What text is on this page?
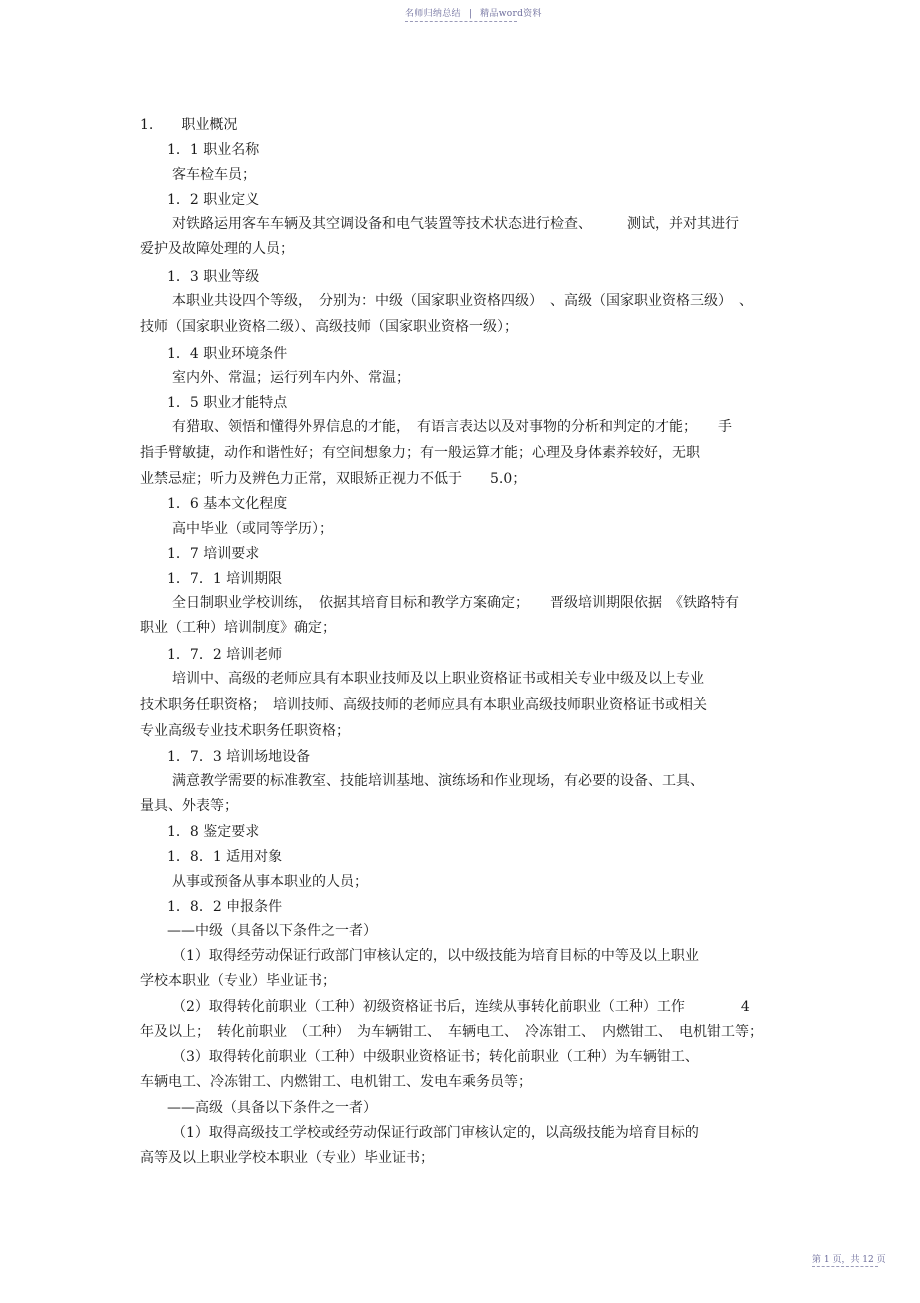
名师归纳总结 | 精品word资料
1.　　职业概况
1．1 职业名称
客车检车员；
1．2 职业定义
对铁路运用客车车辆及其空调设备和电气装置等技术状态进行检查、　　　测试，并对其进行
爱护及故障处理的人员；
1．3 职业等级
本职业共设四个等级，　分别为：中级（国家职业资格四级）　、高级（国家职业资格三级）　、
技师（国家职业资格二级）、高级技师（国家职业资格一级）；
1．4 职业环境条件
室内外、常温；运行列车内外、常温；
1．5 职业才能特点
有猎取、领悟和懂得外界信息的才能，　有语言表达以及对事物的分析和判定的才能；　　手
指手臂敏捷，动作和谐性好；有空间想象力；有一般运算才能；心理及身体素养较好，无职
业禁忌症；听力及辨色力正常，双眼矫正视力不低于　　5.0；
1．6 基本文化程度
高中毕业（或同等学历）；
1．7 培训要求
1．7．1 培训期限
全日制职业学校训练，　依据其培育目标和教学方案确定；　　晋级培训期限依据　《铁路特有
职业（工种）培训制度》确定；
1．7．2 培训老师
培训中、高级的老师应具有本职业技师及以上职业资格证书或相关专业中级及以上专业
技术职务任职资格；　培训技师、高级技师的老师应具有本职业高级技师职业资格证书或相关
专业高级专业技术职务任职资格；
1．7．3 培训场地设备
满意教学需要的标准教室、技能培训基地、演练场和作业现场，有必要的设备、工具、
量具、外表等；
1．8 鉴定要求
1．8．1 适用对象
从事或预备从事本职业的人员；
1．8．2 申报条件
——中级（具备以下条件之一者）
（1）取得经劳动保证行政部门审核认定的，以中级技能为培育目标的中等及以上职业
学校本职业（专业）毕业证书；
（2）取得转化前职业（工种）初级资格证书后，连续从事转化前职业（工种）工作　　　　4
年及以上；　转化前职业　（工种）　为车辆钳工、　车辆电工、　冷冻钳工、　内燃钳工、　电机钳工等；
（3）取得转化前职业（工种）中级职业资格证书；转化前职业（工种）为车辆钳工、
车辆电工、冷冻钳工、内燃钳工、电机钳工、发电车乘务员等；
——高级（具备以下条件之一者）
（1）取得高级技工学校或经劳动保证行政部门审核认定的，以高级技能为培育目标的
高等及以上职业学校本职业（专业）毕业证书；
第 1 页，共 12 页
